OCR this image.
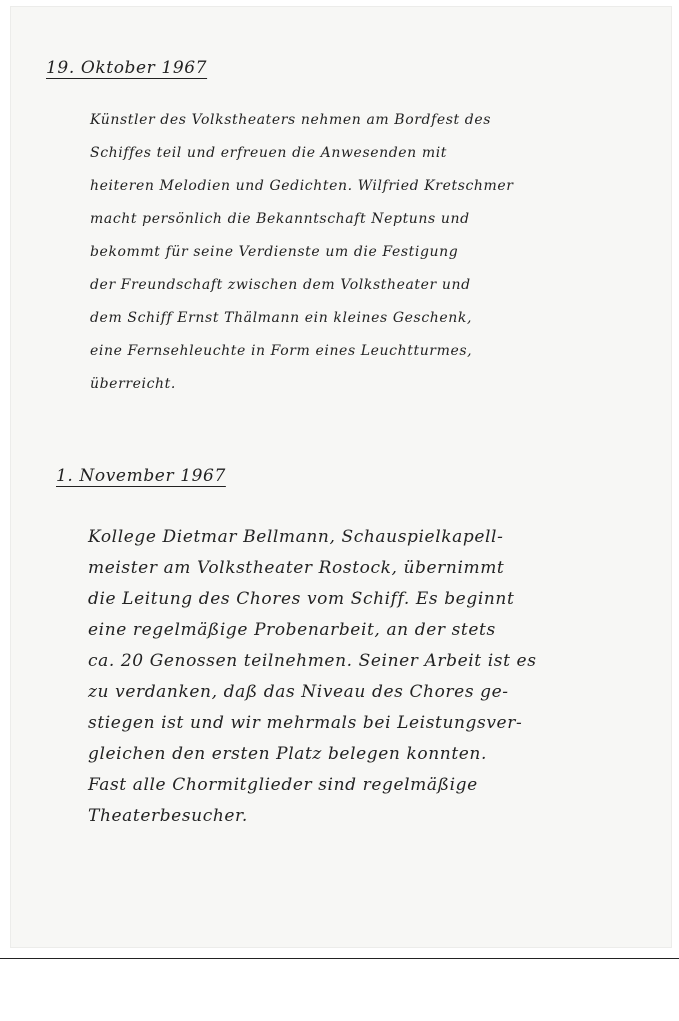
19. Oktober 1967
Künstler des Volkstheaters nehmen am Bordfest des
Schiffes teil und erfreuen die Anwesenden mit
heiteren Melodien und Gedichten. Wilfried Kretschmer
macht persönlich die Bekanntschaft Neptuns und
bekommt für seine Verdienste um die Festigung
der Freundschaft zwischen dem Volkstheater und
dem Schiff Ernst Thälmann ein kleines Geschenk,
eine Fernsehleuchte in Form eines Leuchtturmes,
überreicht.
1. November 1967
Kollege Dietmar Bellmann, Schauspielkapell-
meister am Volkstheater Rostock, übernimmt
die Leitung des Chores vom Schiff. Es beginnt
eine regelmäßige Probenarbeit, an der stets
ca. 20 Genossen teilnehmen. Seiner Arbeit ist es
zu verdanken, daß das Niveau des Chores ge-
stiegen ist und wir mehrmals bei Leistungsver-
gleichen den ersten Platz belegen konnten.
Fast alle Chormitglieder sind regelmäßige
Theaterbesucher.
